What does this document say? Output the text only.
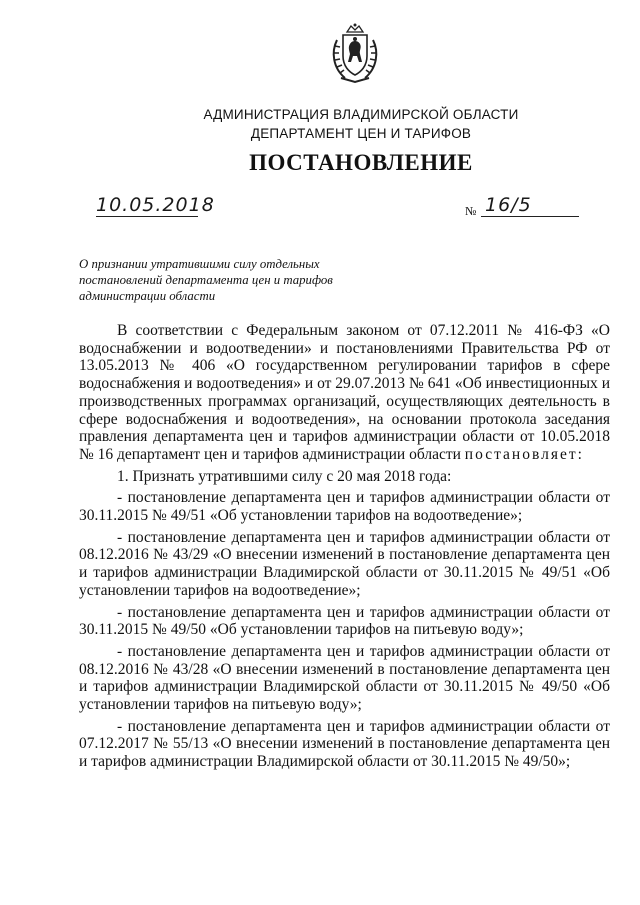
АДМИНИСТРАЦИЯ ВЛАДИМИРСКОЙ ОБЛАСТИ
ДЕПАРТАМЕНТ ЦЕН И ТАРИФОВ
ПОСТАНОВЛЕНИЕ
10.05.2018	№ 16/5
О признании утратившими силу отдельных постановлений департамента цен и тарифов администрации области

В соответствии с Федеральным законом от 07.12.2011 № 416-ФЗ «О водоснабжении и водоотведении» и постановлениями Правительства РФ от 13.05.2013 № 406 «О государственном регулировании тарифов в сфере водоснабжения и водоотведения» и от 29.07.2013 № 641 «Об инвестиционных и производственных программах организаций, осуществляющих деятельность в сфере водоснабжения и водоотведения», на основании протокола заседания правления департамента цен и тарифов администрации области от 10.05.2018 № 16 департамент цен и тарифов администрации области постановляет:

1. Признать утратившими силу с 20 мая 2018 года:

- постановление департамента цен и тарифов администрации области от 30.11.2015 № 49/51 «Об установлении тарифов на водоотведение»;

- постановление департамента цен и тарифов администрации области от 08.12.2016 № 43/29 «О внесении изменений в постановление департамента цен и тарифов администрации Владимирской области от 30.11.2015 № 49/51 «Об установлении тарифов на водоотведение»;

- постановление департамента цен и тарифов администрации области от 30.11.2015 № 49/50 «Об установлении тарифов на питьевую воду»;

- постановление департамента цен и тарифов администрации области от 08.12.2016 № 43/28 «О внесении изменений в постановление департамента цен и тарифов администрации Владимирской области от 30.11.2015 № 49/50 «Об установлении тарифов на питьевую воду»;

- постановление департамента цен и тарифов администрации области от 07.12.2017 № 55/13 «О внесении изменений в постановление департамента цен и тарифов администрации Владимирской области от 30.11.2015 № 49/50»;
